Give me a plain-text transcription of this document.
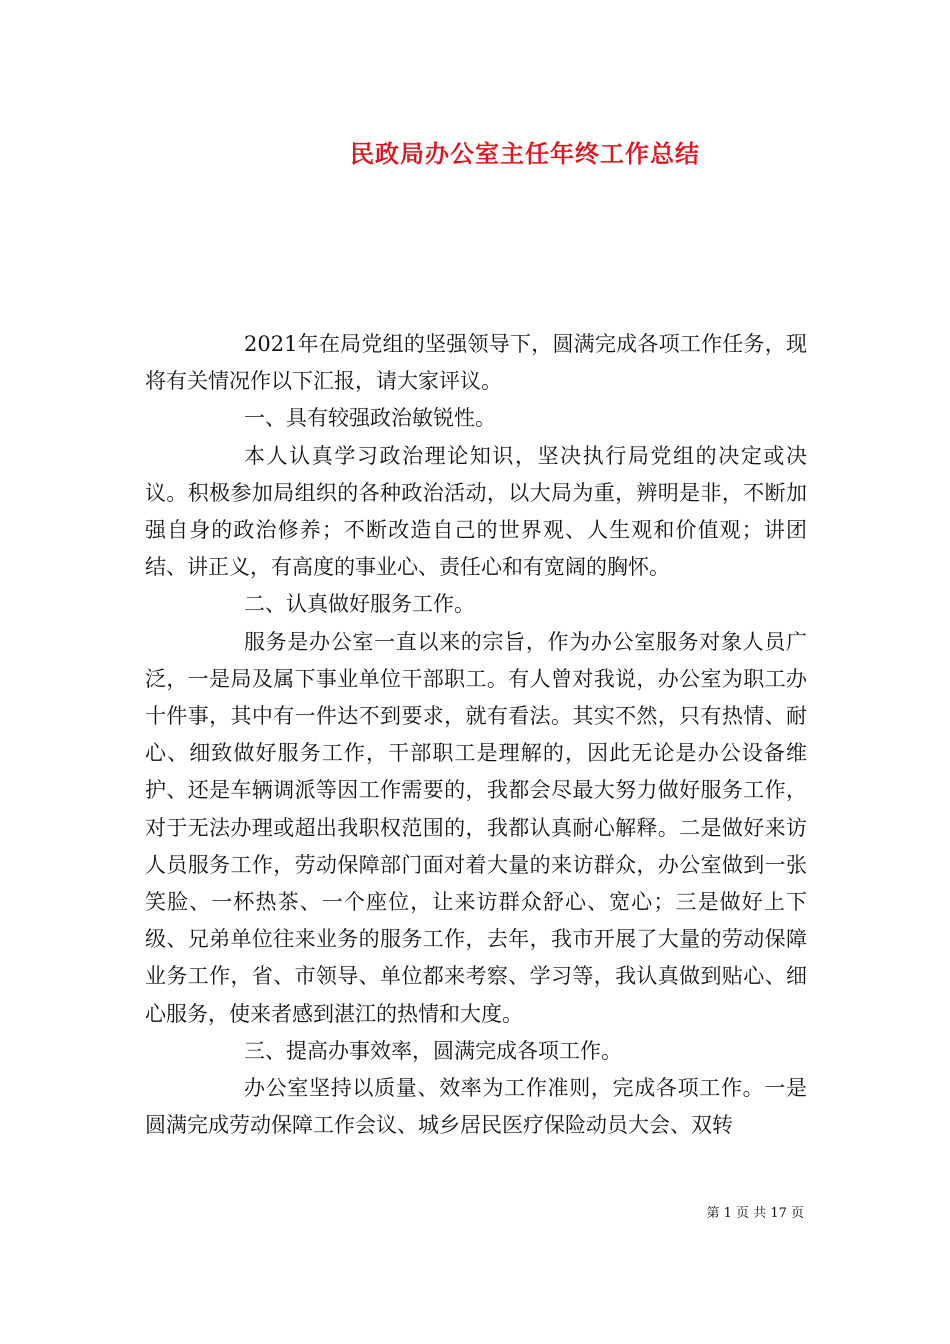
民政局办公室主任年终工作总结

2021年在局党组的坚强领导下，圆满完成各项工作任务，现将有关情况作以下汇报，请大家评议。

一、具有较强政治敏锐性。

本人认真学习政治理论知识，坚决执行局党组的决定或决议。积极参加局组织的各种政治活动，以大局为重，辨明是非，不断加强自身的政治修养；不断改造自己的世界观、人生观和价值观；讲团结、讲正义，有高度的事业心、责任心和有宽阔的胸怀。

二、认真做好服务工作。

服务是办公室一直以来的宗旨，作为办公室服务对象人员广泛，一是局及属下事业单位干部职工。有人曾对我说，办公室为职工办十件事，其中有一件达不到要求，就有看法。其实不然，只有热情、耐心、细致做好服务工作，干部职工是理解的，因此无论是办公设备维护、还是车辆调派等因工作需要的，我都会尽最大努力做好服务工作，对于无法办理或超出我职权范围的，我都认真耐心解释。二是做好来访人员服务工作，劳动保障部门面对着大量的来访群众，办公室做到一张笑脸、一杯热茶、一个座位，让来访群众舒心、宽心；三是做好上下级、兄弟单位往来业务的服务工作，去年，我市开展了大量的劳动保障业务工作，省、市领导、单位都来考察、学习等，我认真做到贴心、细心服务，使来者感到湛江的热情和大度。

三、提高办事效率，圆满完成各项工作。

办公室坚持以质量、效率为工作准则，完成各项工作。一是圆满完成劳动保障工作会议、城乡居民医疗保险动员大会、双转

第 1 页 共 17 页
